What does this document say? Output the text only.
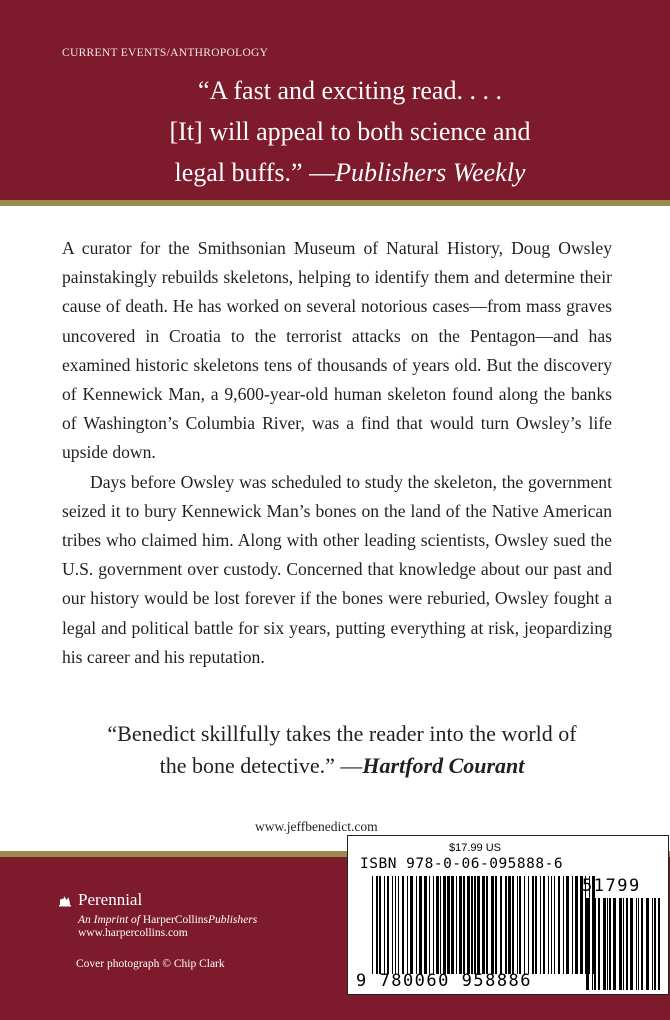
CURRENT EVENTS/ANTHROPOLOGY
“A fast and exciting read. . . .
[It] will appeal to both science and
legal buffs.” —Publishers Weekly

A curator for the Smithsonian Museum of Natural History, Doug Owsley painstakingly rebuilds skeletons, helping to identify them and determine their cause of death. He has worked on several notorious cases—from mass graves uncovered in Croatia to the terrorist attacks on the Pentagon—and has examined historic skeletons tens of thousands of years old. But the discovery of Kennewick Man, a 9,600-year-old human skeleton found along the banks of Washington’s Columbia River, was a find that would turn Owsley’s life upside down.

Days before Owsley was scheduled to study the skeleton, the government seized it to bury Kennewick Man’s bones on the land of the Native American tribes who claimed him. Along with other leading scientists, Owsley sued the U.S. government over custody. Concerned that knowledge about our past and our history would be lost forever if the bones were reburied, Owsley fought a legal and political battle for six years, putting everything at risk, jeopardizing his career and his reputation.

“Benedict skillfully takes the reader into the world of
the bone detective.” —Hartford Courant
www.jeffbenedict.com
Perennial
An Imprint of HarperCollinsPublishers
www.harpercollins.com
Cover photograph © Chip Clark
$17.99 US
ISBN 978-0-06-095888-6
9 780060 958886
51799
